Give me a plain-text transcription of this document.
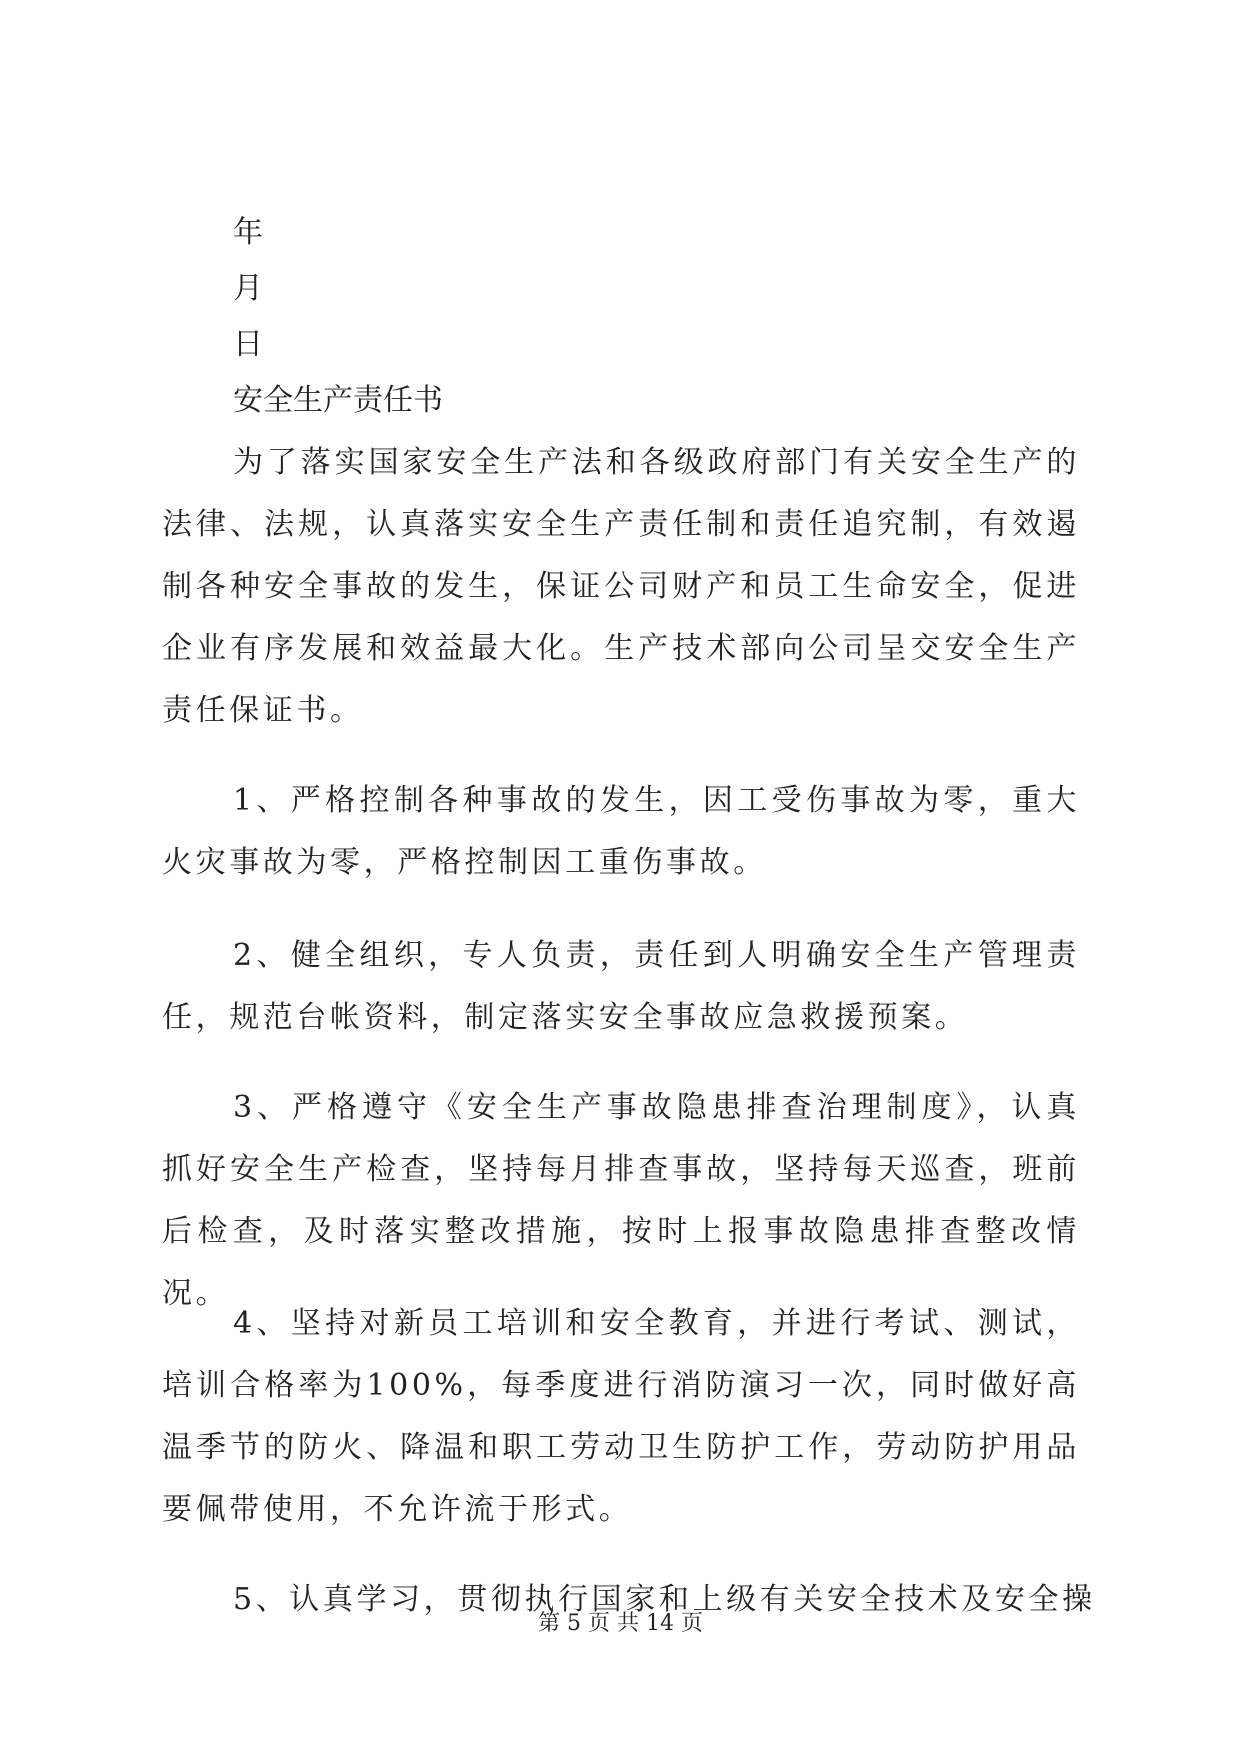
年

月

日

安全生产责任书

为了落实国家安全生产法和各级政府部门有关安全生产的法律、法规，认真落实安全生产责任制和责任追究制，有效遏制各种安全事故的发生，保证公司财产和员工生命安全，促进企业有序发展和效益最大化。生产技术部向公司呈交安全生产责任保证书。

1、严格控制各种事故的发生，因工受伤事故为零，重大火灾事故为零，严格控制因工重伤事故。

2、健全组织，专人负责，责任到人明确安全生产管理责任，规范台帐资料，制定落实安全事故应急救援预案。

3、严格遵守《安全生产事故隐患排查治理制度》，认真抓好安全生产检查，坚持每月排查事故，坚持每天巡查，班前后检查，及时落实整改措施，按时上报事故隐患排查整改情况。

4、坚持对新员工培训和安全教育，并进行考试、测试，培训合格率为100%，每季度进行消防演习一次，同时做好高温季节的防火、降温和职工劳动卫生防护工作，劳动防护用品要佩带使用，不允许流于形式。

5、认真学习，贯彻执行国家和上级有关安全技术及安全操

第 5 页 共 14 页
